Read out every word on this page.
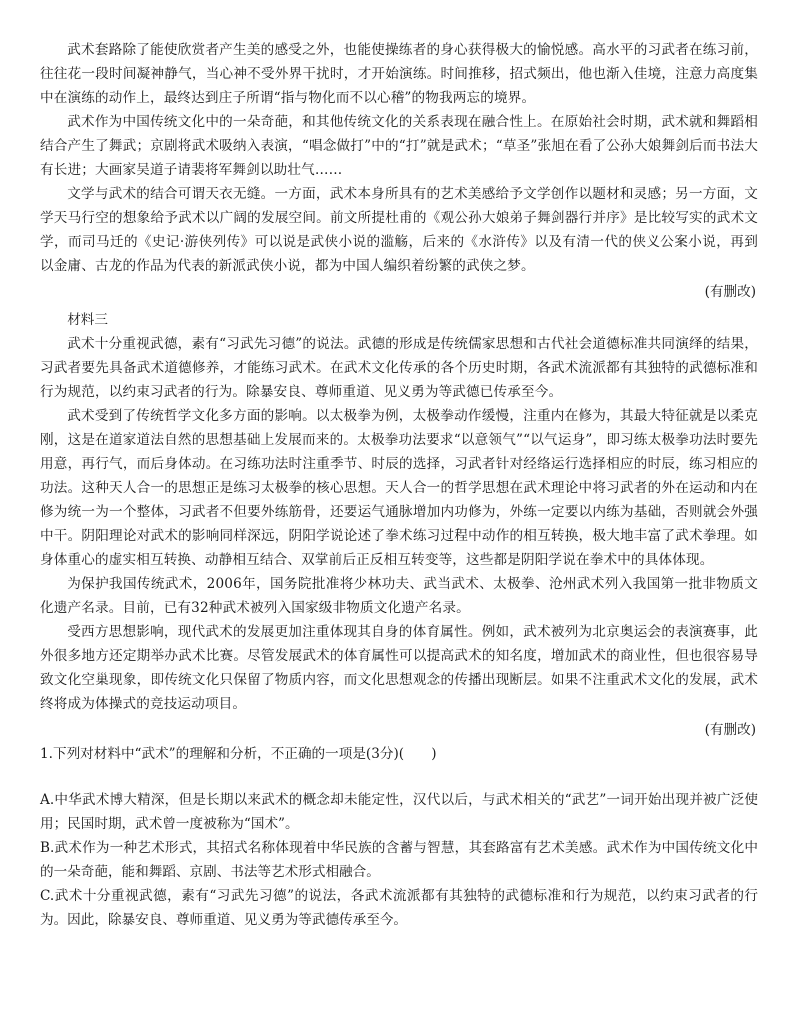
武术套路除了能使欣赏者产生美的感受之外，也能使操练者的身心获得极大的愉悦感。高水平的习武者在练习前，往往花一段时间凝神静气，当心神不受外界干扰时，才开始演练。时间推移，招式频出，他也渐入佳境，注意力高度集中在演练的动作上，最终达到庄子所谓“指与物化而不以心稽”的物我两忘的境界。

武术作为中国传统文化中的一朵奇葩，和其他传统文化的关系表现在融合性上。在原始社会时期，武术就和舞蹈相结合产生了舞武；京剧将武术吸纳入表演，“唱念做打”中的“打”就是武术；“草圣”张旭在看了公孙大娘舞剑后而书法大有长进；大画家吴道子请裴将军舞剑以助壮气……

文学与武术的结合可谓天衣无缝。一方面，武术本身所具有的艺术美感给予文学创作以题材和灵感；另一方面，文学天马行空的想象给予武术以广阔的发展空间。前文所提杜甫的《观公孙大娘弟子舞剑器行并序》是比较写实的武术文学，而司马迁的《史记·游侠列传》可以说是武侠小说的滥觞，后来的《水浒传》以及有清一代的侠义公案小说，再到以金庸、古龙的作品为代表的新派武侠小说，都为中国人编织着纷繁的武侠之梦。

(有删改)

材料三

武术十分重视武德，素有“习武先习德”的说法。武德的形成是传统儒家思想和古代社会道德标准共同演绎的结果，习武者要先具备武术道德修养，才能练习武术。在武术文化传承的各个历史时期，各武术流派都有其独特的武德标准和行为规范，以约束习武者的行为。除暴安良、尊师重道、见义勇为等武德已传承至今。

武术受到了传统哲学文化多方面的影响。以太极拳为例，太极拳动作缓慢，注重内在修为，其最大特征就是以柔克刚，这是在道家道法自然的思想基础上发展而来的。太极拳功法要求“以意领气”“以气运身”，即习练太极拳功法时要先用意，再行气，而后身体动。在习练功法时注重季节、时辰的选择，习武者针对经络运行选择相应的时辰，练习相应的功法。这种天人合一的思想正是练习太极拳的核心思想。天人合一的哲学思想在武术理论中将习武者的外在运动和内在修为统一为一个整体，习武者不但要外练筋骨，还要运气通脉增加内功修为，外练一定要以内练为基础，否则就会外强中干。阴阳理论对武术的影响同样深远，阴阳学说论述了拳术练习过程中动作的相互转换，极大地丰富了武术拳理。如身体重心的虚实相互转换、动静相互结合、双掌前后正反相互转变等，这些都是阴阳学说在拳术中的具体体现。

为保护我国传统武术，2006年，国务院批准将少林功夫、武当武术、太极拳、沧州武术列入我国第一批非物质文化遗产名录。目前，已有32种武术被列入国家级非物质文化遗产名录。

受西方思想影响，现代武术的发展更加注重体现其自身的体育属性。例如，武术被列为北京奥运会的表演赛事，此外很多地方还定期举办武术比赛。尽管发展武术的体育属性可以提高武术的知名度，增加武术的商业性，但也很容易导致文化空巢现象，即传统文化只保留了物质内容，而文化思想观念的传播出现断层。如果不注重武术文化的发展，武术终将成为体操式的竞技运动项目。

(有删改)

1.下列对材料中“武术”的理解和分析，不正确的一项是(3分)(　　)

A.中华武术博大精深，但是长期以来武术的概念却未能定性，汉代以后，与武术相关的“武艺”一词开始出现并被广泛使用；民国时期，武术曾一度被称为“国术”。

B.武术作为一种艺术形式，其招式名称体现着中华民族的含蓄与智慧，其套路富有艺术美感。武术作为中国传统文化中的一朵奇葩，能和舞蹈、京剧、书法等艺术形式相融合。

C.武术十分重视武德，素有“习武先习德”的说法，各武术流派都有其独特的武德标准和行为规范，以约束习武者的行为。因此，除暴安良、尊师重道、见义勇为等武德传承至今。
